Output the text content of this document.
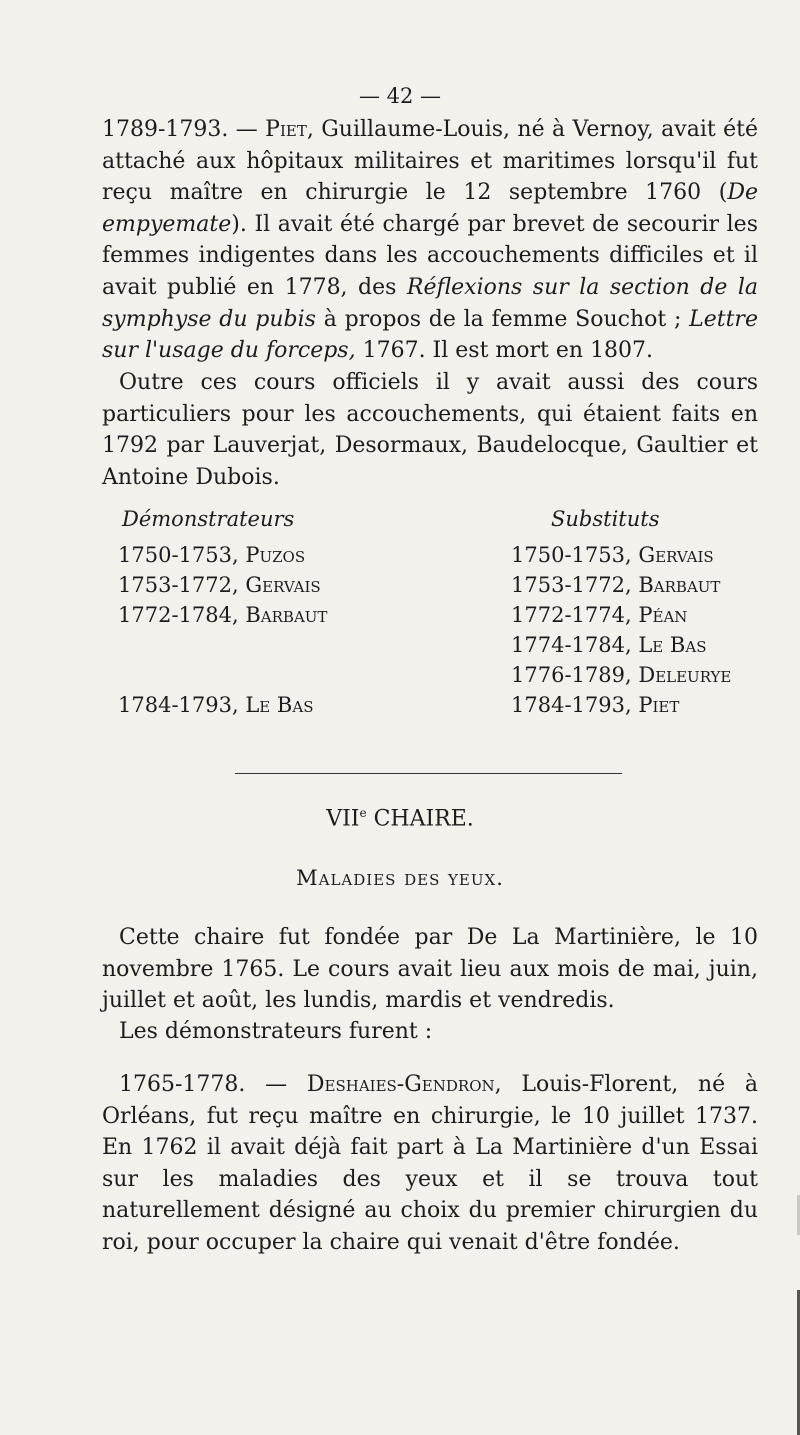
— 42 —

1789-1793. — Piet, Guillaume-Louis, né à Vernoy, avait été attaché aux hôpitaux militaires et maritimes lorsqu'il fut reçu maître en chirurgie le 12 septembre 1760 (De empyemate). Il avait été chargé par brevet de secourir les femmes indigentes dans les accouchements difficiles et il avait publié en 1778, des Réflexions sur la section de la symphyse du pubis à propos de la femme Souchot ; Lettre sur l'usage du forceps, 1767. Il est mort en 1807.

Outre ces cours officiels il y avait aussi des cours particuliers pour les accouchements, qui étaient faits en 1792 par Lauverjat, Desormaux, Baudelocque, Gaultier et Antoine Dubois.

Démonstrateurs
1750-1753, Puzos
1753-1772, Gervais
1772-1784, Barbaut
1784-1793, Le Bas
Substituts
1750-1753, Gervais
1753-1772, Barbaut
1772-1774, Péan
1774-1784, Le Bas
1776-1789, Deleurye
1784-1793, Piet
VIIe CHAIRE.
Maladies des yeux.

Cette chaire fut fondée par De La Martinière, le 10 novembre 1765. Le cours avait lieu aux mois de mai, juin, juillet et août, les lundis, mardis et vendredis.

Les démonstrateurs furent :

1765-1778. — Deshaies-Gendron, Louis-Florent, né à Orléans, fut reçu maître en chirurgie, le 10 juillet 1737. En 1762 il avait déjà fait part à La Martinière d'un Essai sur les maladies des yeux et il se trouva tout naturellement désigné au choix du premier chirurgien du roi, pour occuper la chaire qui venait d'être fondée.
